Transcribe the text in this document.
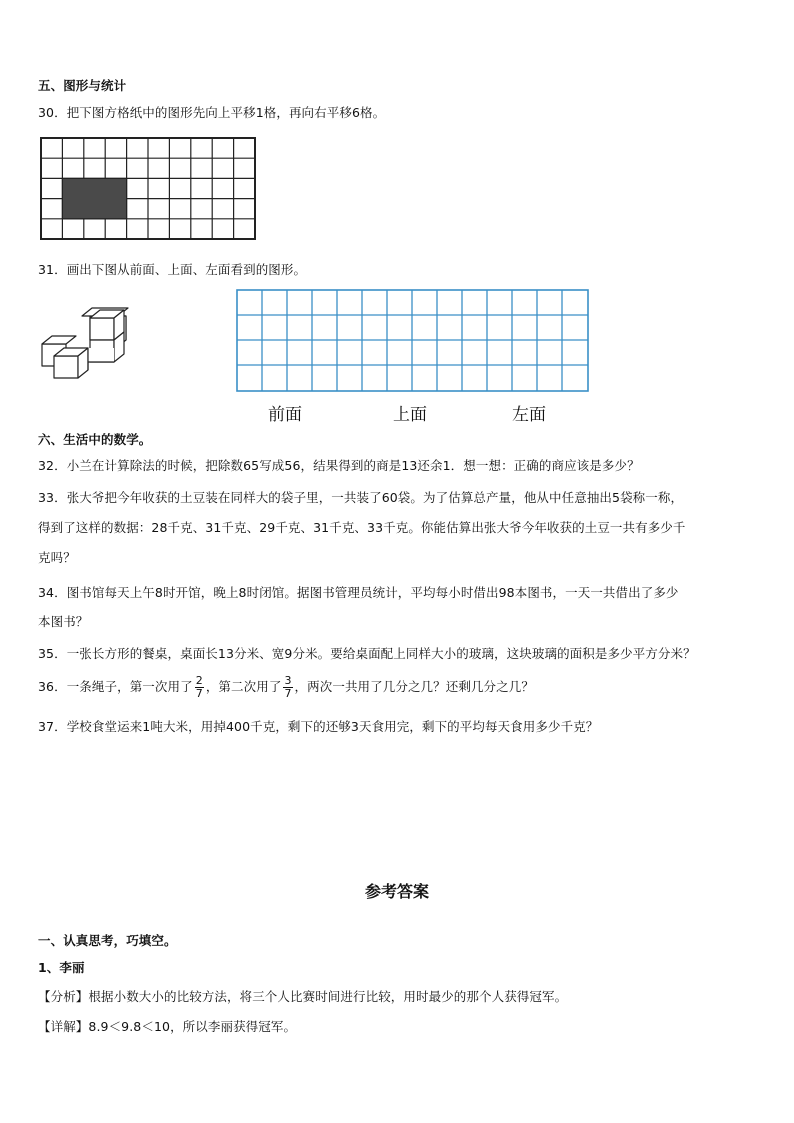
五、图形与统计
30．把下图方格纸中的图形先向上平移1格，再向右平移6格。
31．画出下图从前面、上面、左面看到的图形。
前面	上面	左面
六、生活中的数学。
32．小兰在计算除法的时候，把除数65写成56，结果得到的商是13还余1．想一想：正确的商应该是多少？
33．张大爷把今年收获的土豆装在同样大的袋子里，一共装了60袋。为了估算总产量，他从中任意抽出5袋称一称，
得到了这样的数据：28千克、31千克、29千克、31千克、33千克。你能估算出张大爷今年收获的土豆一共有多少千
克吗？
34．图书馆每天上午8时开馆，晚上8时闭馆。据图书管理员统计，平均每小时借出98本图书，一天一共借出了多少
本图书？
35．一张长方形的餐桌，桌面长13分米、宽9分米。要给桌面配上同样大小的玻璃，这块玻璃的面积是多少平方分米？
36．一条绳子，第一次用了 $\frac{2}{7}$ ，第二次用了 $\frac{3}{7}$ ，两次一共用了几分之几？还剩几分之几？
37．学校食堂运来1吨大米，用掉400千克，剩下的还够3天食用完，剩下的平均每天食用多少千克？
参考答案
一、认真思考，巧填空。
1、李丽
【分析】根据小数大小的比较方法，将三个人比赛时间进行比较，用时最少的那个人获得冠军。
【详解】8.9＜9.8＜10，所以李丽获得冠军。
